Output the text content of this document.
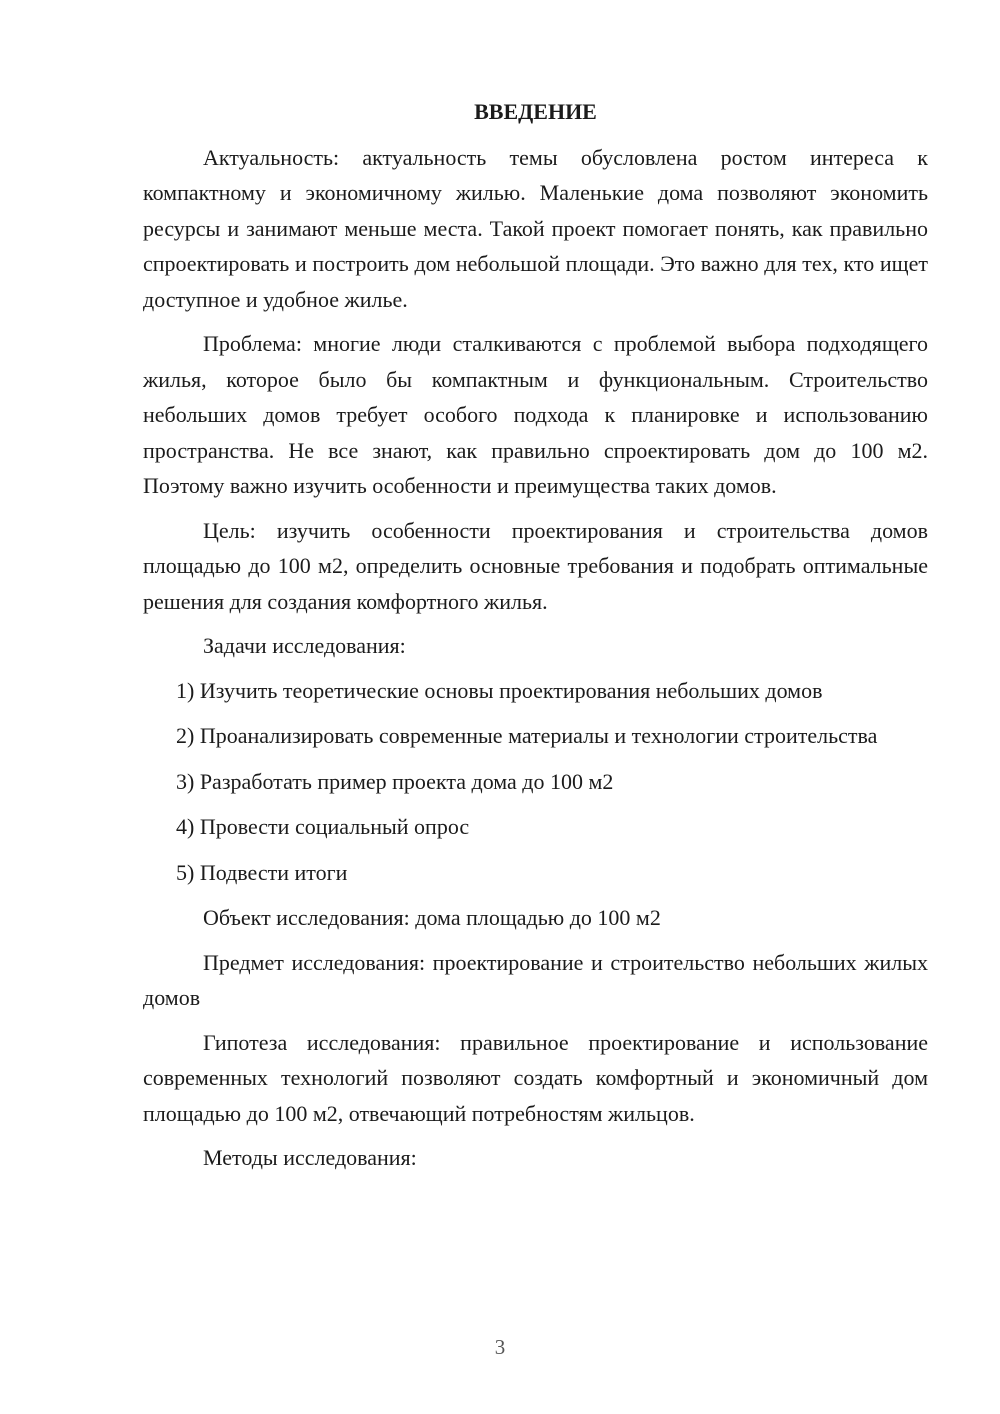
ВВЕДЕНИЕ

Актуальность: актуальность темы обусловлена ростом интереса к компактному и экономичному жилью. Маленькие дома позволяют экономить ресурсы и занимают меньше места. Такой проект помогает понять, как правильно спроектировать и построить дом небольшой площади. Это важно для тех, кто ищет доступное и удобное жилье.

Проблема: многие люди сталкиваются с проблемой выбора подходящего жилья, которое было бы компактным и функциональным. Строительство небольших домов требует особого подхода к планировке и использованию пространства. Не все знают, как правильно спроектировать дом до 100 м2. Поэтому важно изучить особенности и преимущества таких домов.

Цель: изучить особенности проектирования и строительства домов площадью до 100 м2, определить основные требования и подобрать оптимальные решения для создания комфортного жилья.

Задачи исследования:

1) Изучить теоретические основы проектирования небольших домов

2) Проанализировать современные материалы и технологии строительства

3) Разработать пример проекта дома до 100 м2

4) Провести социальный опрос

5) Подвести итоги

Объект исследования: дома площадью до 100 м2

Предмет исследования: проектирование и строительство небольших жилых домов

Гипотеза исследования: правильное проектирование и использование современных технологий позволяют создать комфортный и экономичный дом площадью до 100 м2, отвечающий потребностям жильцов.

Методы исследования:

3
